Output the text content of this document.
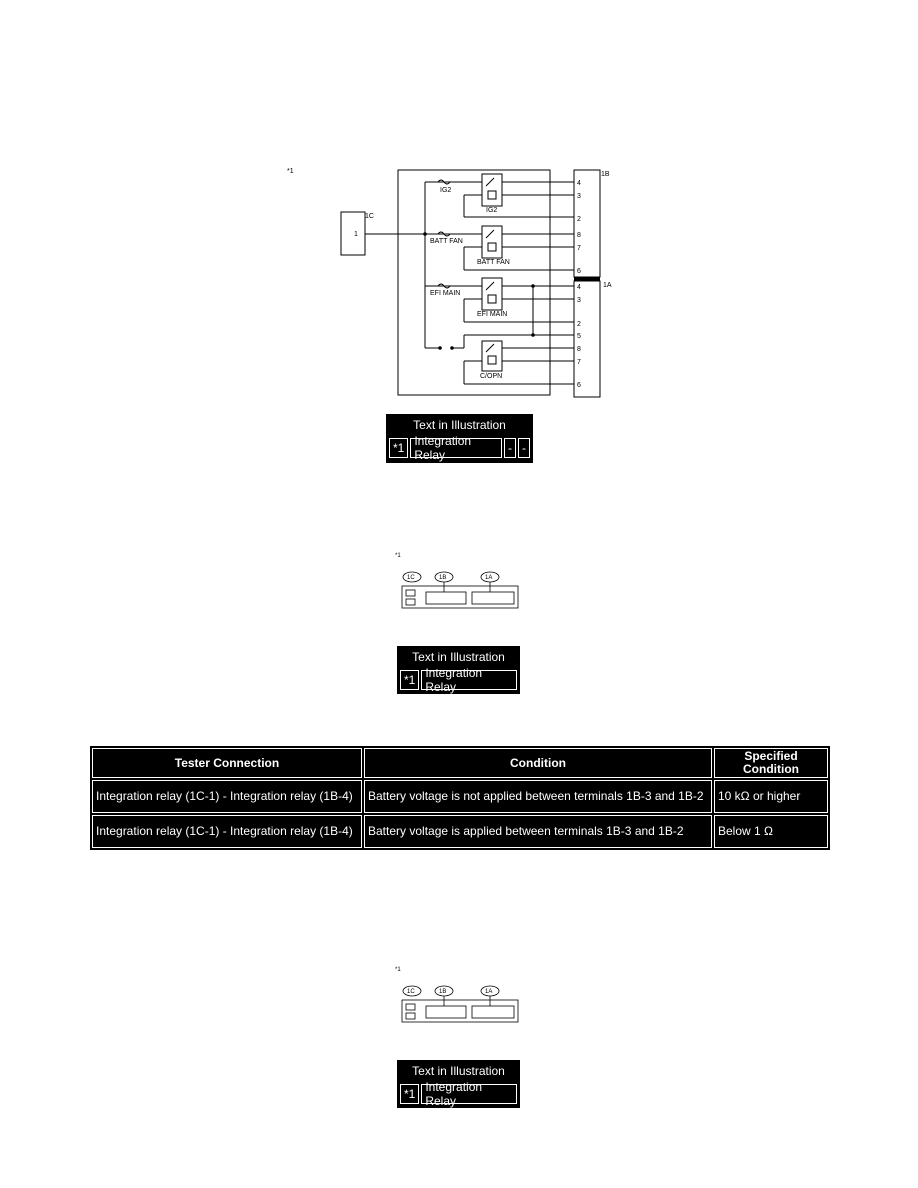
*1
1C
1
1B
1A
4
3
2
8
7
6
4
3
2
5
8
7
6
IG2
BATT FAN
EFI MAIN
IG2
BATT FAN
EFI MAIN
C/OPN
Text in Illustration
*1 Integration Relay	- -
*1
1C	1B	1A
Text in Illustration
*1 Integration Relay
Tester Connection	Condition	Specified Condition
Integration relay (1C-1) - Integration relay (1B-4)	Battery voltage is not applied between terminals 1B-3 and 1B-2	10 kΩ or higher
Integration relay (1C-1) - Integration relay (1B-4)	Battery voltage is applied between terminals 1B-3 and 1B-2	Below 1 Ω
*1
1C	1B	1A
Text in Illustration
*1 Integration Relay
